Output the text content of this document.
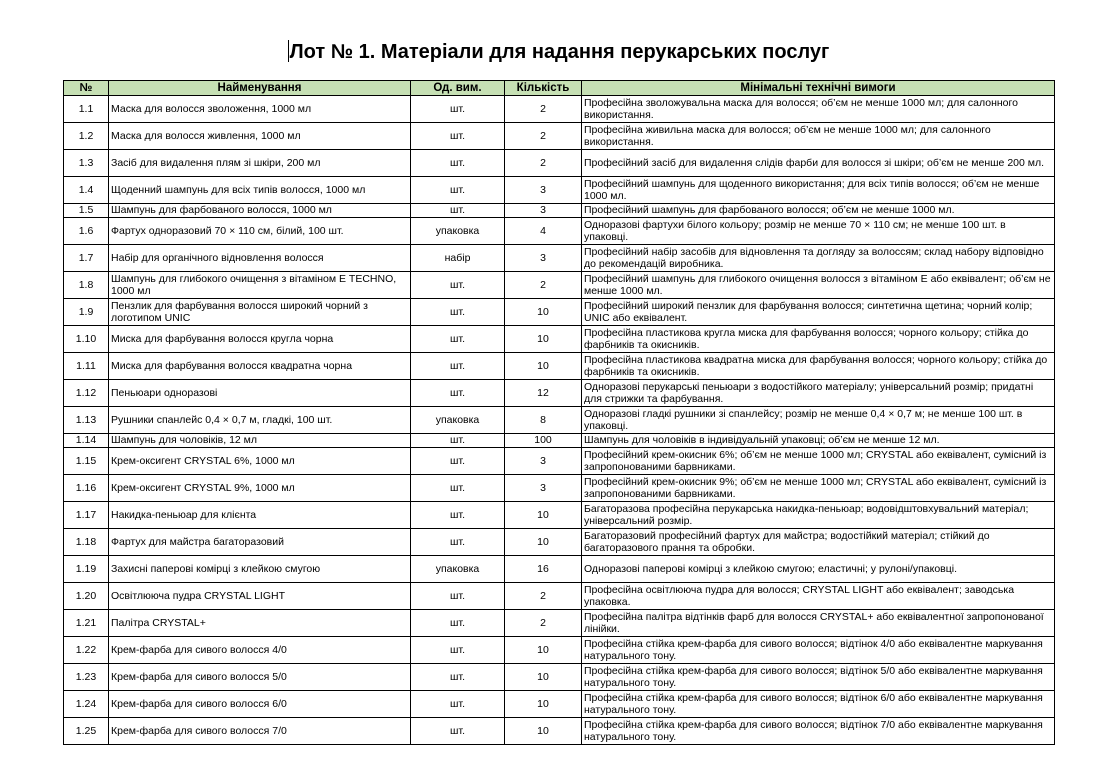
Лот № 1. Матеріали для надання перукарських послуг
№	Найменування	Од. вим.	Кількість	Мінімальні технічні вимоги
1.1	Маска для волосся зволоження, 1000 мл	шт.	2	Професійна зволожувальна маска для волосся; об’єм не менше 1000 мл; для салонного використання.
1.2	Маска для волосся живлення, 1000 мл	шт.	2	Професійна живильна маска для волосся; об’єм не менше 1000 мл; для салонного використання.
1.3	Засіб для видалення плям зі шкіри, 200 мл	шт.	2	Професійний засіб для видалення слідів фарби для волосся зі шкіри; об’єм не менше 200 мл.
1.4	Щоденний шампунь для всіх типів волосся, 1000 мл	шт.	3	Професійний шампунь для щоденного використання; для всіх типів волосся; об’єм не менше 1000 мл.
1.5	Шампунь для фарбованого волосся, 1000 мл	шт.	3	Професійний шампунь для фарбованого волосся; об’єм не менше 1000 мл.
1.6	Фартух одноразовий 70 × 110 см, білий, 100 шт.	упаковка	4	Одноразові фартухи білого кольору; розмір не менше 70 × 110 см; не менше 100 шт. в упаковці.
1.7	Набір для органічного відновлення волосся	набір	3	Професійний набір засобів для відновлення та догляду за волоссям; склад набору відповідно до рекомендацій виробника.
1.8	Шампунь для глибокого очищення з вітаміном Е TECHNO, 1000 мл	шт.	2	Професійний шампунь для глибокого очищення волосся з вітаміном Е або еквівалент; об’єм не менше 1000 мл.
1.9	Пензлик для фарбування волосся широкий чорний з логотипом UNIC	шт.	10	Професійний широкий пензлик для фарбування волосся; синтетична щетина; чорний колір; UNIC або еквівалент.
1.10	Миска для фарбування волосся кругла чорна	шт.	10	Професійна пластикова кругла миска для фарбування волосся; чорного кольору; стійка до фарбників та окисників.
1.11	Миска для фарбування волосся квадратна чорна	шт.	10	Професійна пластикова квадратна миска для фарбування волосся; чорного кольору; стійка до фарбників та окисників.
1.12	Пеньюари одноразові	шт.	12	Одноразові перукарські пеньюари з водостійкого матеріалу; універсальний розмір; придатні для стрижки та фарбування.
1.13	Рушники спанлейс 0,4 × 0,7 м, гладкі, 100 шт.	упаковка	8	Одноразові гладкі рушники зі спанлейсу; розмір не менше 0,4 × 0,7 м; не менше 100 шт. в упаковці.
1.14	Шампунь для чоловіків, 12 мл	шт.	100	Шампунь для чоловіків в індивідуальній упаковці; об’єм не менше 12 мл.
1.15	Крем-оксигент CRYSTAL 6%, 1000 мл	шт.	3	Професійний крем-окисник 6%; об’єм не менше 1000 мл; CRYSTAL або еквівалент, сумісний із запропонованими барвниками.
1.16	Крем-оксигент CRYSTAL 9%, 1000 мл	шт.	3	Професійний крем-окисник 9%; об’єм не менше 1000 мл; CRYSTAL або еквівалент, сумісний із запропонованими барвниками.
1.17	Накидка-пеньюар для клієнта	шт.	10	Багаторазова професійна перукарська накидка-пеньюар; водовідштовхувальний матеріал; універсальний розмір.
1.18	Фартух для майстра багаторазовий	шт.	10	Багаторазовий професійний фартух для майстра; водостійкий матеріал; стійкий до багаторазового прання та обробки.
1.19	Захисні паперові комірці з клейкою смугою	упаковка	16	Одноразові паперові комірці з клейкою смугою; еластичні; у рулоні/упаковці.
1.20	Освітлююча пудра CRYSTAL LIGHT	шт.	2	Професійна освітлююча пудра для волосся; CRYSTAL LIGHT або еквівалент; заводська упаковка.
1.21	Палітра CRYSTAL+	шт.	2	Професійна палітра відтінків фарб для волосся CRYSTAL+ або еквівалентної запропонованої лінійки.
1.22	Крем-фарба для сивого волосся 4/0	шт.	10	Професійна стійка крем-фарба для сивого волосся; відтінок 4/0 або еквівалентне маркування натурального тону.
1.23	Крем-фарба для сивого волосся 5/0	шт.	10	Професійна стійка крем-фарба для сивого волосся; відтінок 5/0 або еквівалентне маркування натурального тону.
1.24	Крем-фарба для сивого волосся 6/0	шт.	10	Професійна стійка крем-фарба для сивого волосся; відтінок 6/0 або еквівалентне маркування натурального тону.
1.25	Крем-фарба для сивого волосся 7/0	шт.	10	Професійна стійка крем-фарба для сивого волосся; відтінок 7/0 або еквівалентне маркування натурального тону.
